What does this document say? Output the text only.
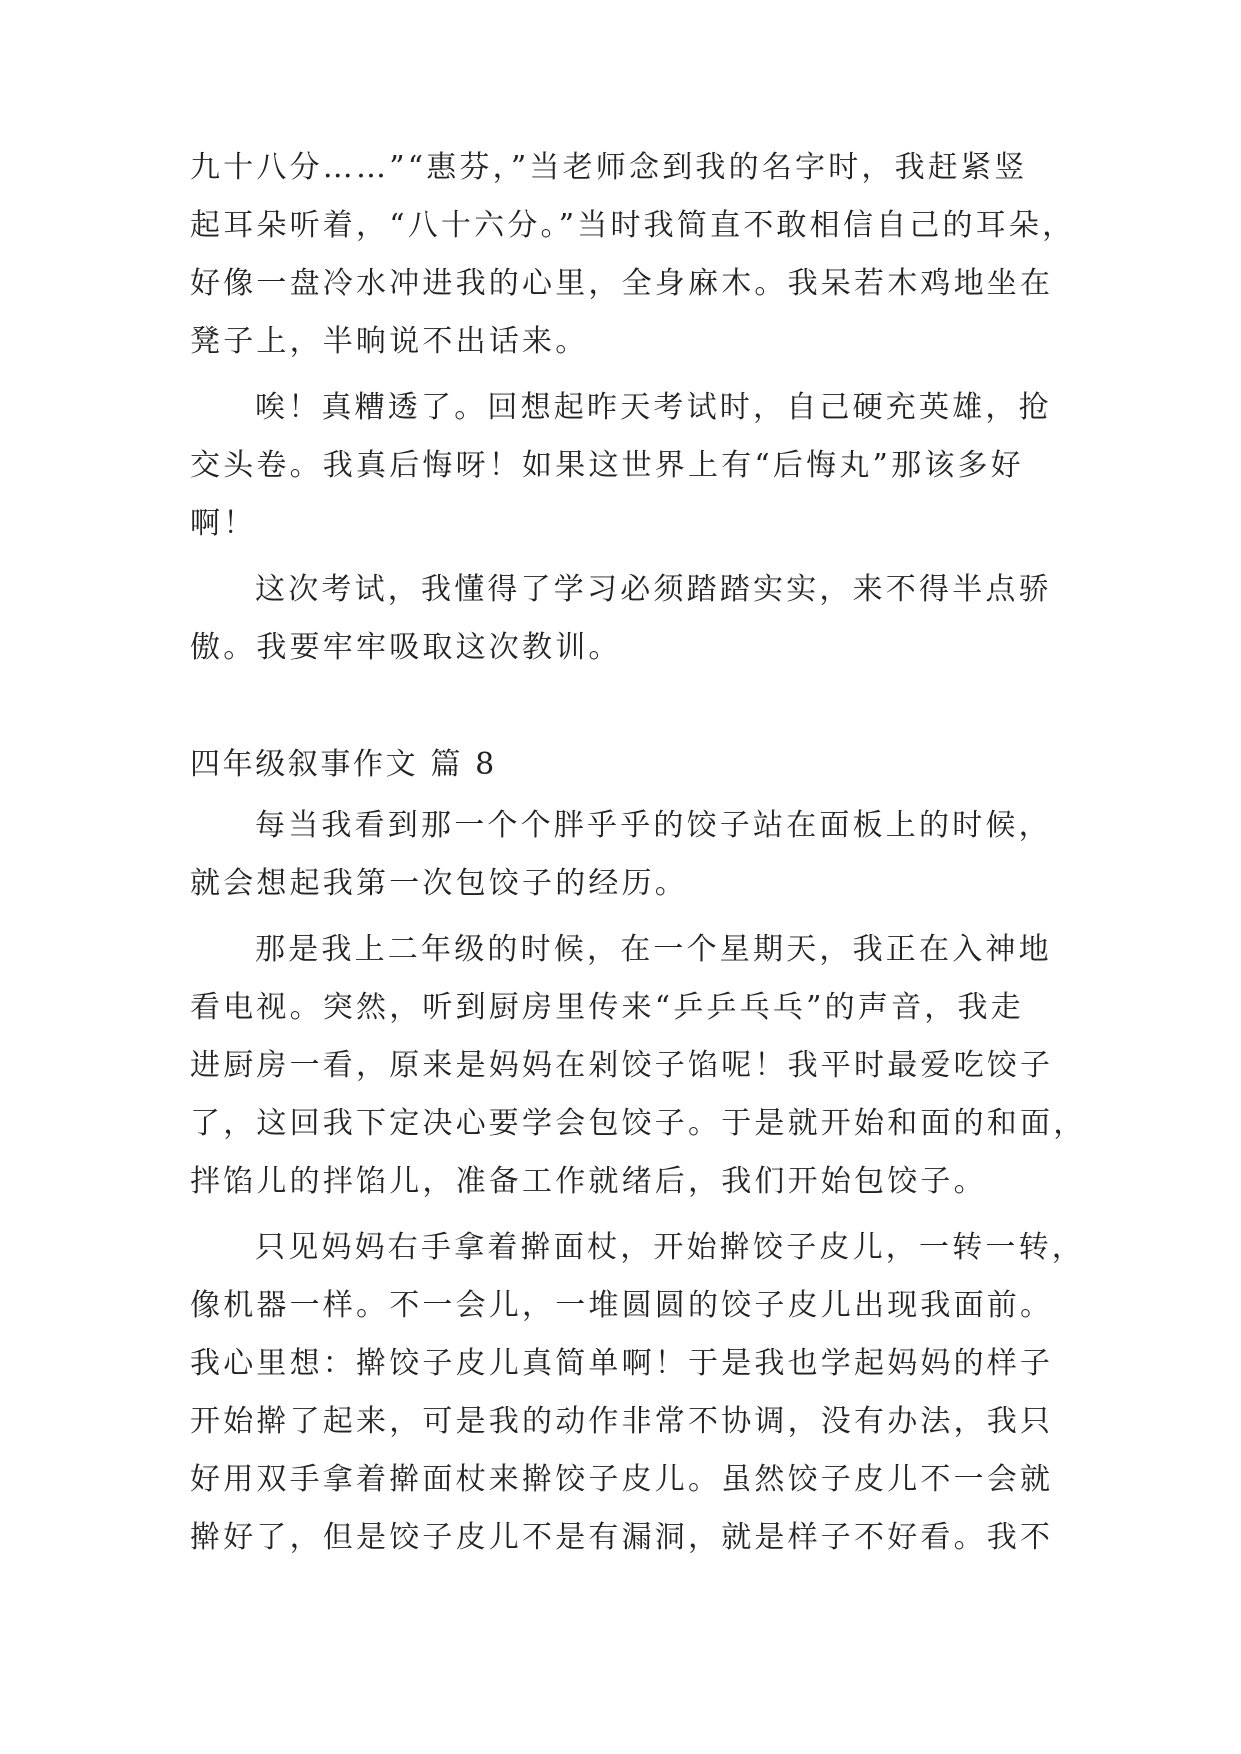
九十八分……”“惠芬，”当老师念到我的名字时，我赶紧竖
起耳朵听着，“八十六分。”当时我简直不敢相信自己的耳朵，
好像一盘冷水冲进我的心里，全身麻木。我呆若木鸡地坐在
凳子上，半晌说不出话来。
唉！真糟透了。回想起昨天考试时，自己硬充英雄，抢
交头卷。我真后悔呀！如果这世界上有“后悔丸”那该多好
啊！
这次考试，我懂得了学习必须踏踏实实，来不得半点骄
傲。我要牢牢吸取这次教训。
四年级叙事作文 篇 8
每当我看到那一个个胖乎乎的饺子站在面板上的时候，
就会想起我第一次包饺子的经历。
那是我上二年级的时候，在一个星期天，我正在入神地
看电视。突然，听到厨房里传来“乒乒乓乓”的声音，我走
进厨房一看，原来是妈妈在剁饺子馅呢！我平时最爱吃饺子
了，这回我下定决心要学会包饺子。于是就开始和面的和面，
拌馅儿的拌馅儿，准备工作就绪后，我们开始包饺子。
只见妈妈右手拿着擀面杖，开始擀饺子皮儿，一转一转，
像机器一样。不一会儿，一堆圆圆的饺子皮儿出现我面前。
我心里想：擀饺子皮儿真简单啊！于是我也学起妈妈的样子
开始擀了起来，可是我的动作非常不协调，没有办法，我只
好用双手拿着擀面杖来擀饺子皮儿。虽然饺子皮儿不一会就
擀好了，但是饺子皮儿不是有漏洞，就是样子不好看。我不
